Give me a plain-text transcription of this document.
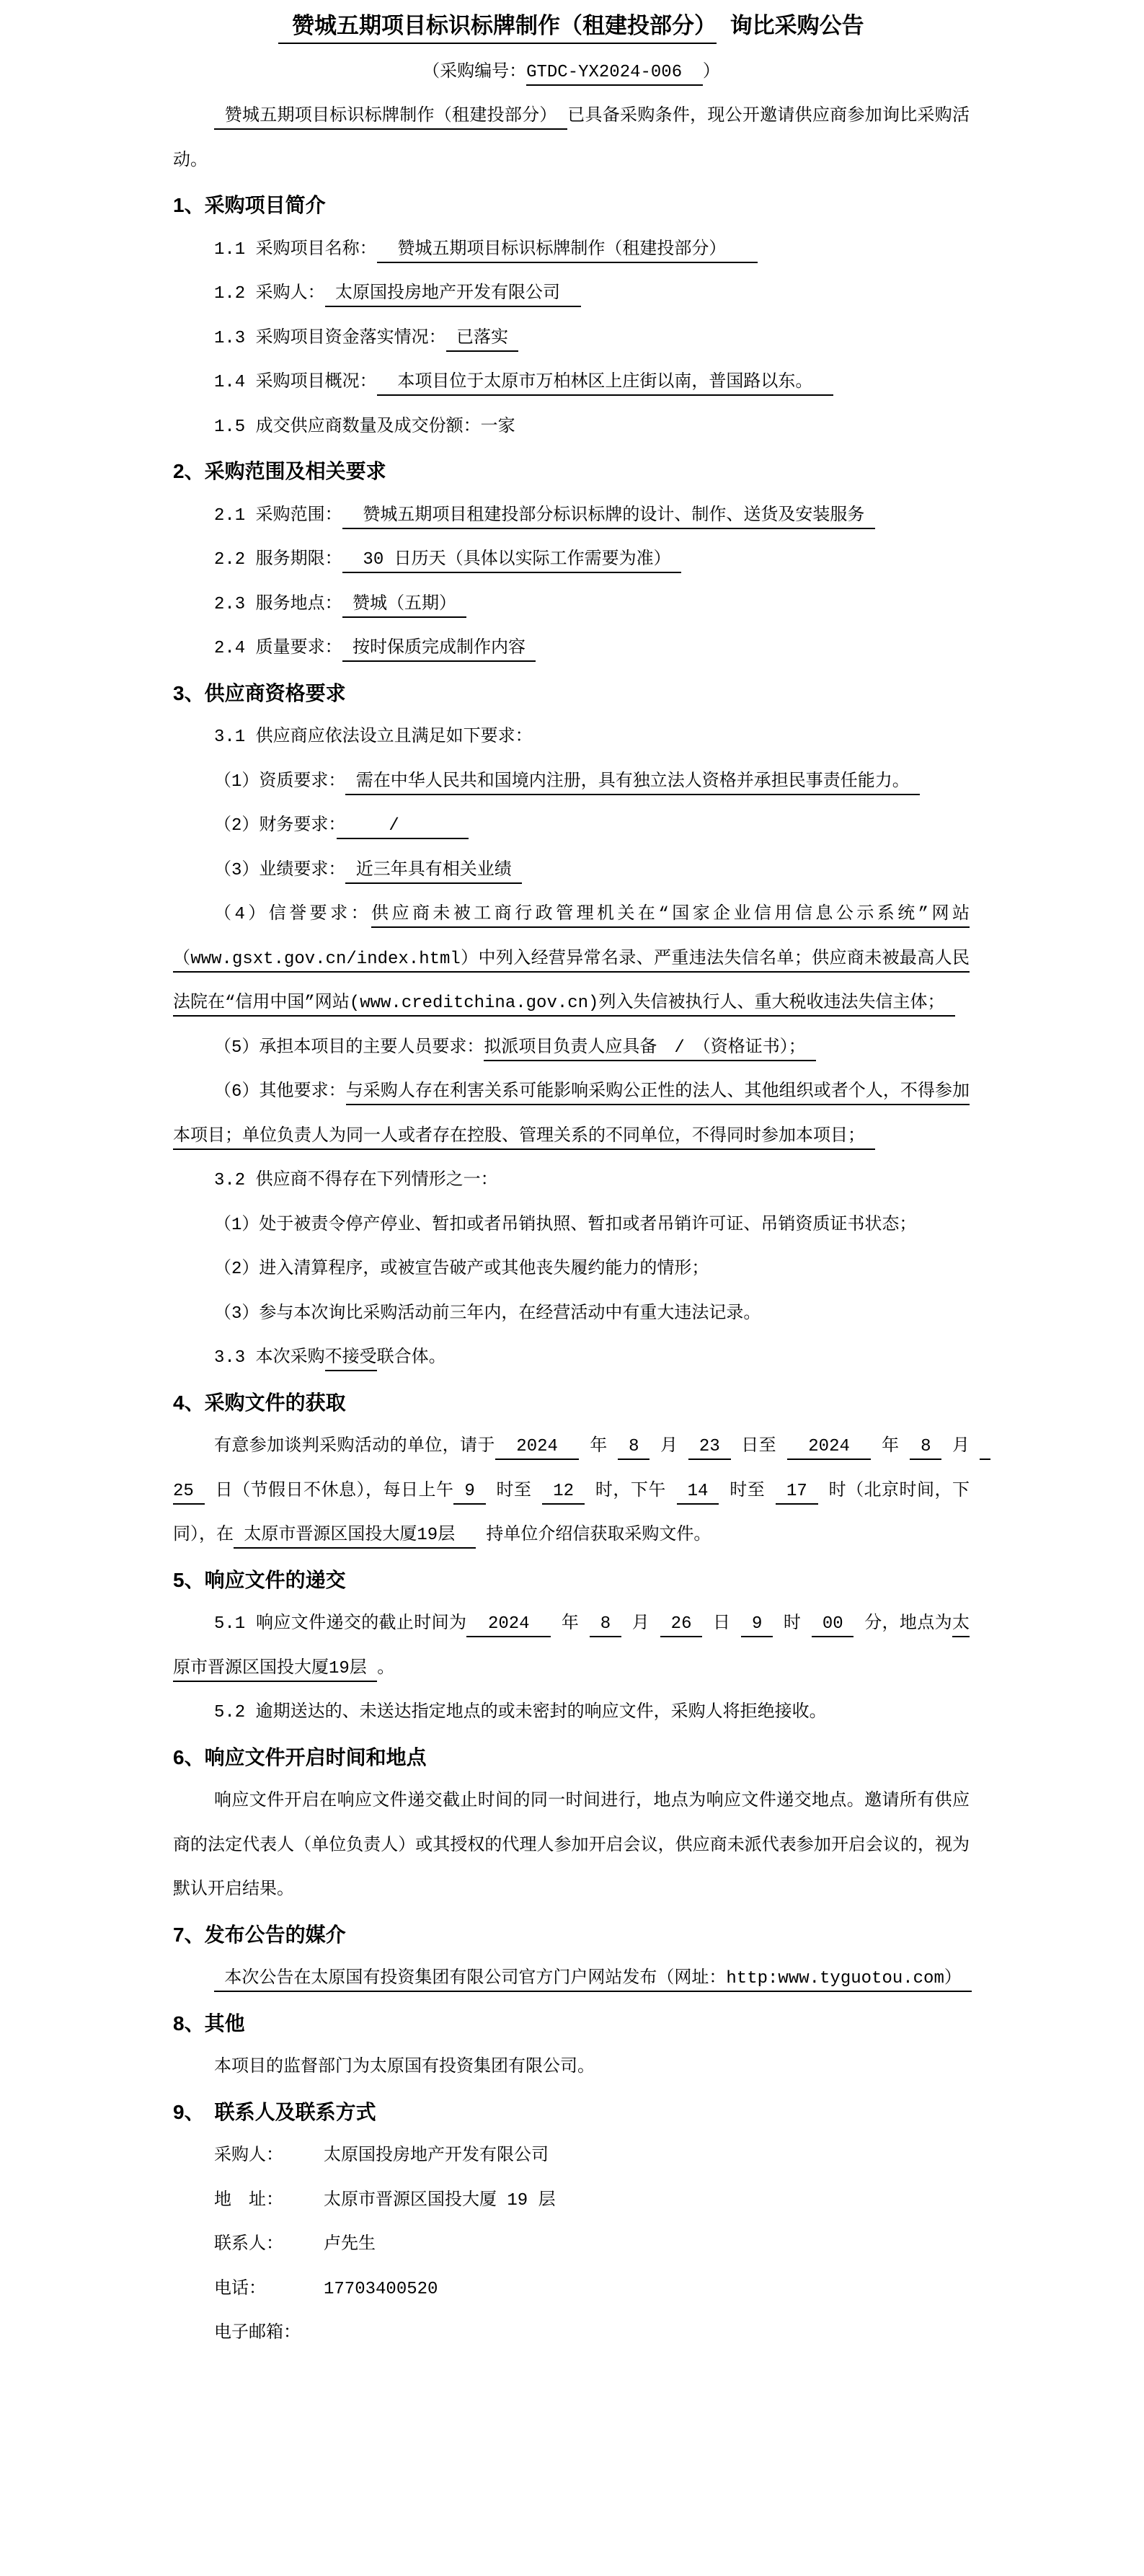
赞城五期项目标识标牌制作（租建投部分） 询比采购公告
（采购编号：GTDC-YX2024-006  ）

赞城五期项目标识标牌制作（租建投部分） 已具备采购条件，现公开邀请供应商参加询比采购活动。

1、采购项目简介

1.1 采购项目名称：  赞城五期项目标识标牌制作（租建投部分）

1.2 采购人： 太原国投房地产开发有限公司

1.3 采购项目资金落实情况： 已落实

1.4 采购项目概况：  本项目位于太原市万柏林区上庄街以南，普国路以东。

1.5 成交供应商数量及成交份额：一家

2、采购范围及相关要求

2.1 采购范围：  赞城五期项目租建投部分标识标牌的设计、制作、送货及安装服务

2.2 服务期限：  30 日历天（具体以实际工作需要为准）

2.3 服务地点： 赞城（五期）

2.4 质量要求： 按时保质完成制作内容

3、供应商资格要求

3.1 供应商应依法设立且满足如下要求：

（1）资质要求： 需在中华人民共和国境内注册，具有独立法人资格并承担民事责任能力。

（2）财务要求：　　　/　　　　

（3）业绩要求： 近三年具有相关业绩

（4）信誉要求：供应商未被工商行政管理机关在“国家企业信用信息公示系统”网站（www.gsxt.gov.cn/index.html）中列入经营异常名录、严重违法失信名单；供应商未被最高人民法院在“信用中国”网站(www.creditchina.gov.cn)列入失信被执行人、重大税收违法失信主体；

（5）承担本项目的主要人员要求：拟派项目负责人应具备　/　（资格证书）；

（6）其他要求：与采购人存在利害关系可能影响采购公正性的法人、其他组织或者个人，不得参加本项目；单位负责人为同一人或者存在控股、管理关系的不同单位，不得同时参加本项目；

3.2 供应商不得存在下列情形之一：

（1）处于被责令停产停业、暂扣或者吊销执照、暂扣或者吊销许可证、吊销资质证书状态；

（2）进入清算程序，或被宣告破产或其他丧失履约能力的情形；

（3）参与本次询比采购活动前三年内，在经营活动中有重大违法记录。

3.3 本次采购不接受联合体。

4、采购文件的获取

有意参加谈判采购活动的单位，请于  2024   年  8  月  23  日至   2024   年  8  月  25  日（节假日不休息），每日上午 9  时至  12  时，下午  14  时至  17  时（北京时间，下同），在 太原市晋源区国投大厦19层   持单位介绍信获取采购文件。

5、响应文件的递交

5.1 响应文件递交的截止时间为  2024   年  8  月  26  日  9  时  00  分，地点为太原市晋源区国投大厦19层 。

5.2 逾期送达的、未送达指定地点的或未密封的响应文件，采购人将拒绝接收。

6、响应文件开启时间和地点

响应文件开启在响应文件递交截止时间的同一时间进行，地点为响应文件递交地点。邀请所有供应商的法定代表人（单位负责人）或其授权的代理人参加开启会议，供应商未派代表参加开启会议的，视为默认开启结果。

7、发布公告的媒介

本次公告在太原国有投资集团有限公司官方门户网站发布（网址：http:www.tyguotou.com）

8、其他

本项目的监督部门为太原国有投资集团有限公司。

9、　联系人及联系方式

采购人： 太原国投房地产开发有限公司

地　址： 太原市晋源区国投大厦 19 层

联系人： 卢先生

电话：	17703400520

电子邮箱：
